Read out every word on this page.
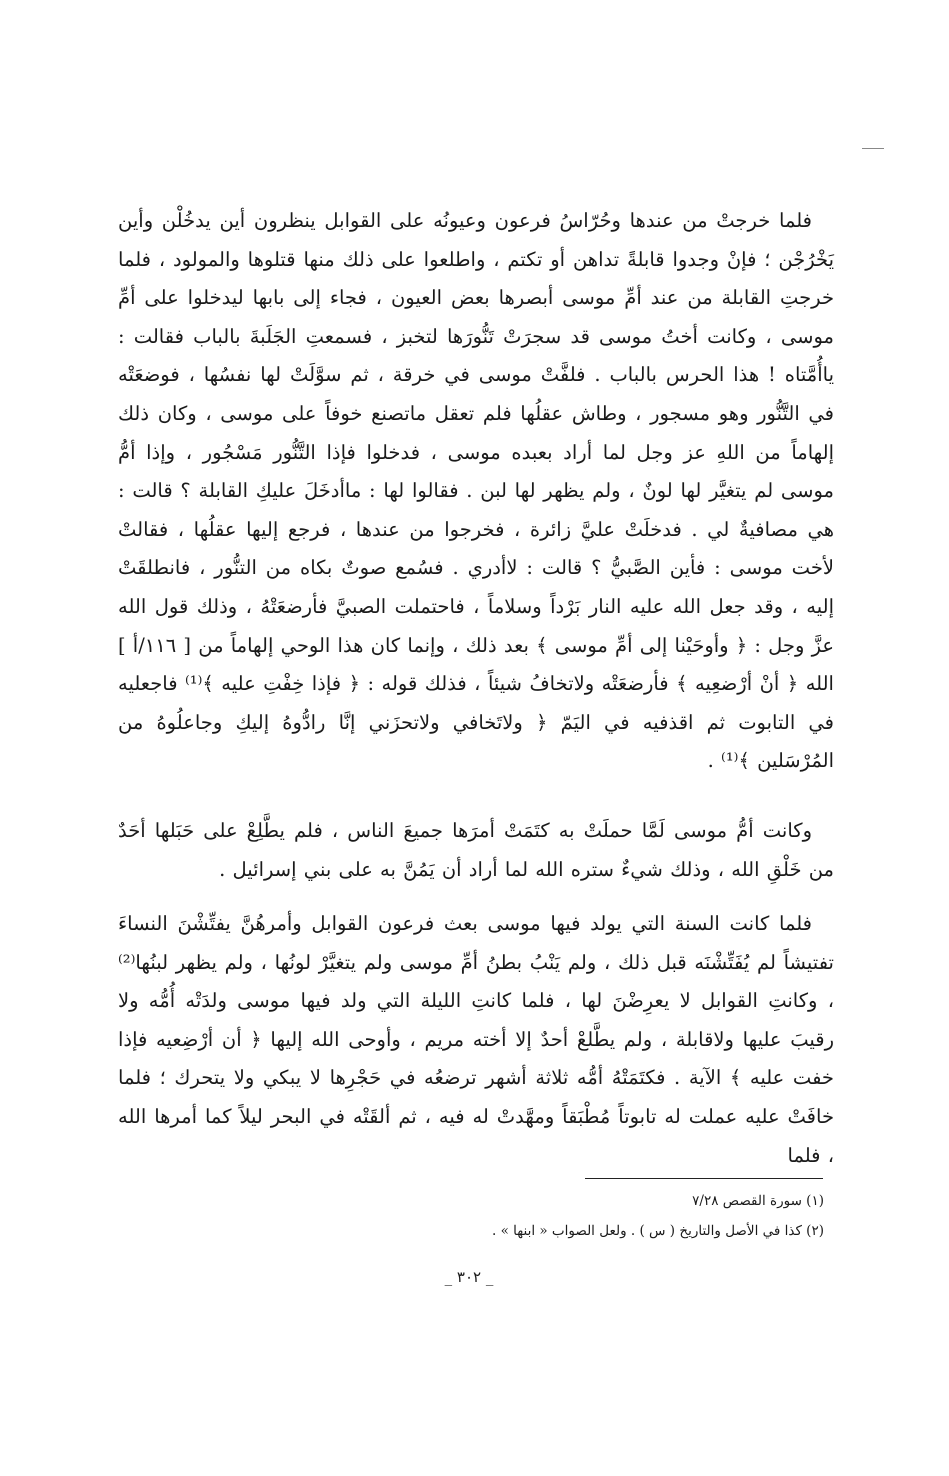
فلما خرجتْ من عندها وحُرّاسُ فرعون وعيونُه على القوابل ينظرون أين يدخُلْن وأين يَخْرُجْن ؛ فإنْ وجدوا قابلةً تداهن أو تكتم ، واطلعوا على ذلك منها قتلوها والمولود ، فلما خرجتِ القابلة من عند أمِّ موسى أبصرها بعض العيون ، فجاء إلى بابها ليدخلوا على أمِّ موسى ، وكانت أختُ موسى قد سجرَتْ تَنُّورَها لتخبز ، فسمعتِ الجَلَبةَ بالباب فقالت : ياأُمَّتاه ! هذا الحرس بالباب . فلفَّتْ موسى في خرقة ، ثم سوَّلَتْ لها نفسُها ، فوضعَتْه في التَّنُّور وهو مسجور ، وطاش عقلُها فلم تعقل ماتصنع خوفاً على موسى ، وكان ذلك إلهاماً من اللهِ عز وجل لما أراد بعبده موسى ، فدخلوا فإذا التَّنُّور مَسْجُور ، وإذا أمُّ موسى لم يتغيَّر لها لونٌ ، ولم يظهر لها لبن . فقالوا لها : ماأدخَلَ عليكِ القابلة ؟ قالت : هي مصافيةٌ لي . فدخلَتْ عليَّ زائرة ، فخرجوا من عندها ، فرجع إليها عقلُها ، فقالتْ لأخت موسى : فأين الصَّبيُّ ؟ قالت : لاأدري . فسُمع صوتٌ بكاه من التنُّور ، فانطلقَتْ إليه ، وقد جعل الله عليه النار بَرْداً وسلاماً ، فاحتملت الصبيَّ فأرضعَتْهُ ، وذلك قول الله عزَّ وجل : ﴿ وأوحَيْنا إلى أمِّ موسى ﴾ بعد ذلك ، وإنما كان هذا الوحي إلهاماً من [ ١١٦/أ ] الله ﴿ أنْ أرْضعِيه ﴾ فأرضعَتْه ولاتخافُ شيئاً ، فذلك قوله : ﴿ فإذا خِفْتِ عليه ﴾⁽¹⁾ فاجعليه في التابوت ثم اقذفيه في اليَمّ ﴿ ولاتَخافي ولاتحزَني إنَّا رادُّوهُ إليكِ وجاعلُوهُ من المُرْسَلين ﴾⁽¹⁾ .

وكانت أمُّ موسى لَمَّا حملَتْ به كتَمَتْ أمرَها جميعَ الناس ، فلم يطَّلِعْ على حَبَلها أحَدٌ من خَلْقِ الله ، وذلك شيءٌ ستره الله لما أراد أن يَمُنَّ به على بني إسرائيل .

فلما كانت السنة التي يولد فيها موسى بعث فرعون القوابل وأمرهُنَّ يفتِّشْنَ النساءَ تفتيشاً لم يُفَتِّشْنَه قبل ذلك ، ولم يَنْبُ بطنُ أمِّ موسى ولم يتغيَّرْ لونُها ، ولم يظهر لبنُها⁽²⁾ ، وكانتِ القوابل لا يعرِضْنَ لها ، فلما كانتِ الليلة التي ولد فيها موسى ولدَتْه أُمُّه ولا رقيبَ عليها ولاقابلة ، ولم يطَّلعْ أحدٌ إلا أخته مريم ، وأوحى الله إليها ﴿ أن أرْضِعيه فإذا خفت عليه ﴾ الآية . فكتَمَتْهُ أمُّه ثلاثة أشهر ترضعُه في حَجْرِها لا يبكي ولا يتحرك ؛ فلما خافَتْ عليه عملت له تابوتاً مُطْبَقاً ومهَّدتْ له فيه ، ثم ألقَتْه في البحر ليلاً كما أمرها الله ، فلما

(١) سورة القصص ٧/٢٨

(٢) كذا في الأصل والتاريخ ( س ) . ولعل الصواب « ابنها » .

_ ٣٠٢ _
